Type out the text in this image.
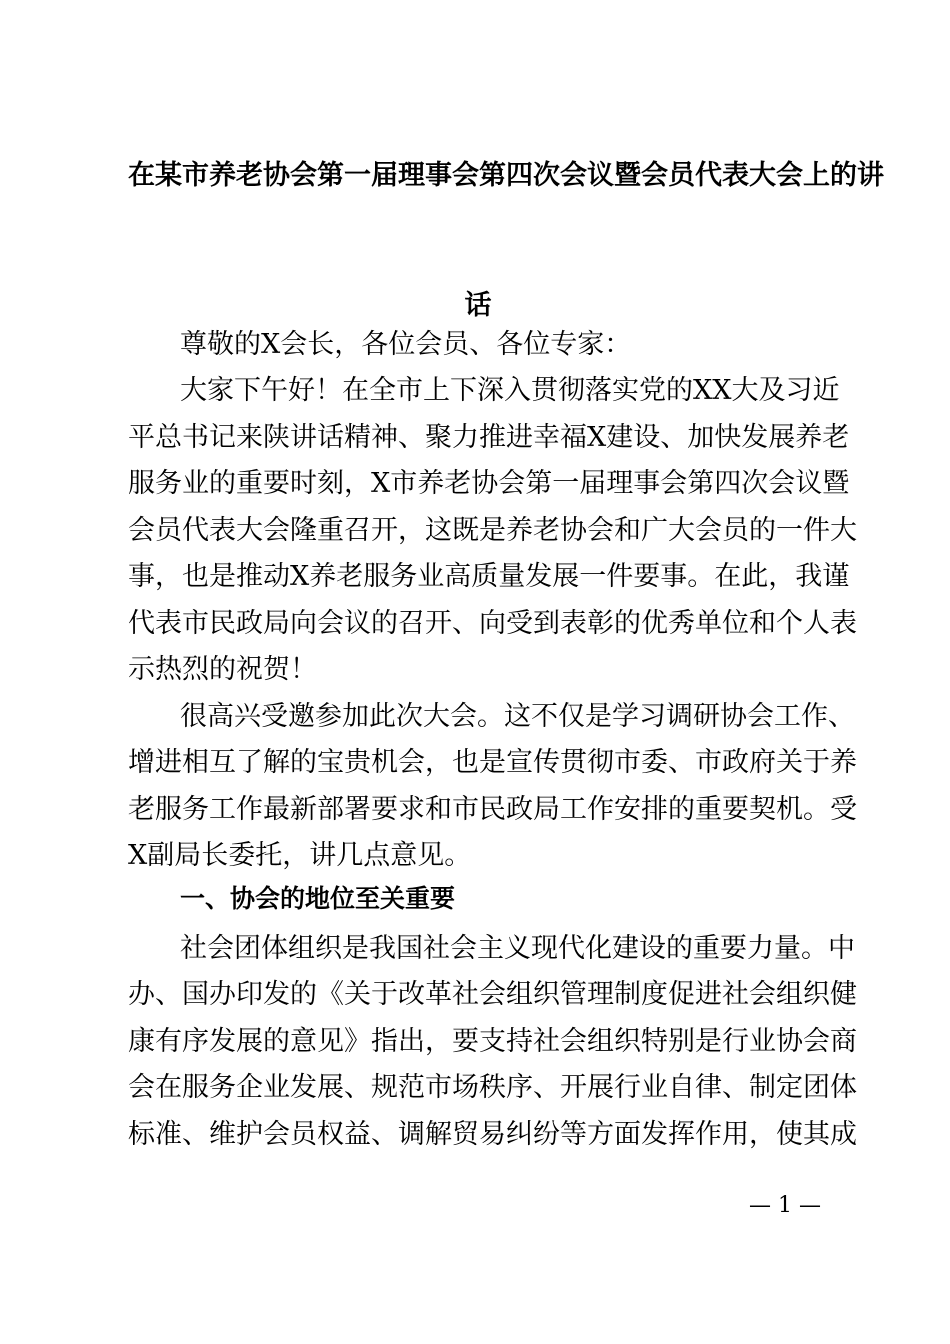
在某市养老协会第一届理事会第四次会议暨会员代表大会上的讲
话
尊敬的X会长，各位会员、各位专家：
大家下午好！在全市上下深入贯彻落实党的XX大及习近
平总书记来陕讲话精神、聚力推进幸福X建设、加快发展养老
服务业的重要时刻，X市养老协会第一届理事会第四次会议暨
会员代表大会隆重召开，这既是养老协会和广大会员的一件大
事，也是推动X养老服务业高质量发展一件要事。在此，我谨
代表市民政局向会议的召开、向受到表彰的优秀单位和个人表
示热烈的祝贺！
很高兴受邀参加此次大会。这不仅是学习调研协会工作、
增进相互了解的宝贵机会，也是宣传贯彻市委、市政府关于养
老服务工作最新部署要求和市民政局工作安排的重要契机。受
X副局长委托，讲几点意见。
一、协会的地位至关重要
社会团体组织是我国社会主义现代化建设的重要力量。中
办、国办印发的《关于改革社会组织管理制度促进社会组织健
康有序发展的意见》指出，要支持社会组织特别是行业协会商
会在服务企业发展、规范市场秩序、开展行业自律、制定团体
标准、维护会员权益、调解贸易纠纷等方面发挥作用，使其成
— 1 —
